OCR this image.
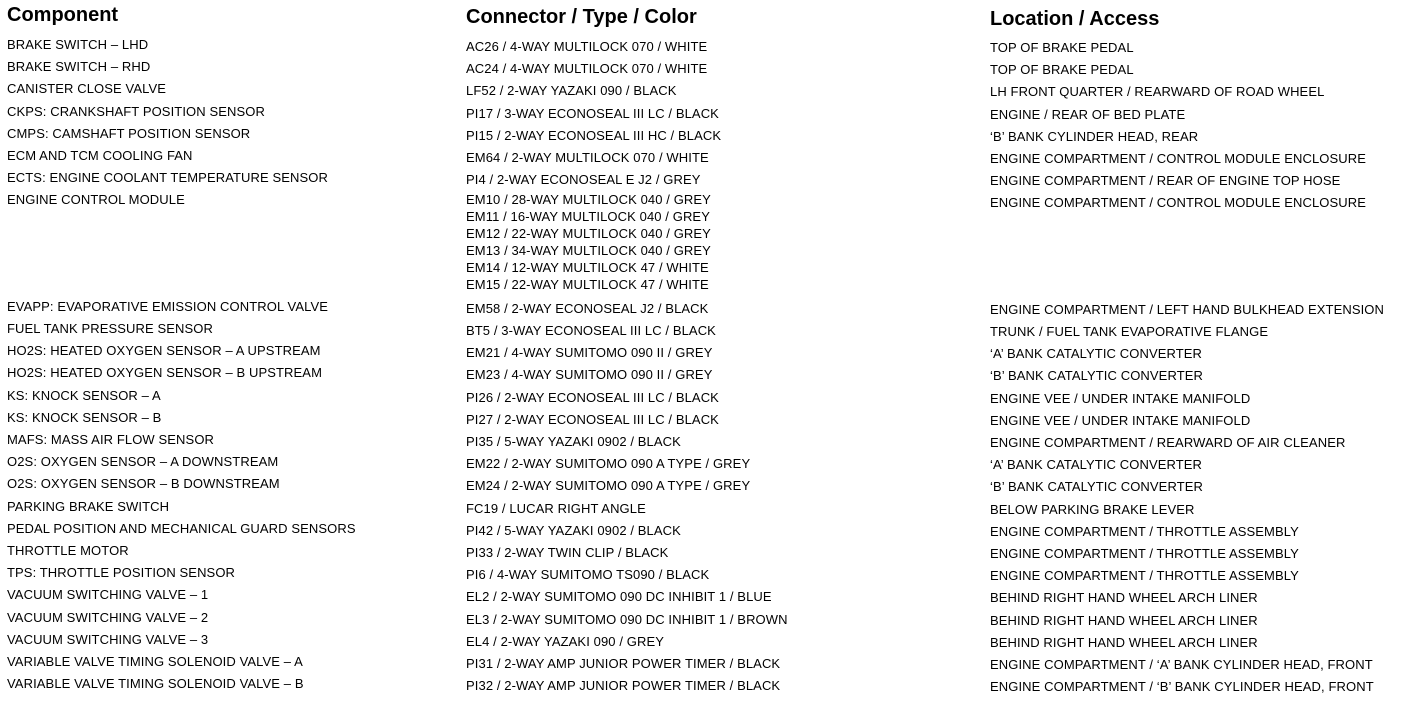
Component
BRAKE SWITCH – LHD
BRAKE SWITCH – RHD
CANISTER CLOSE VALVE
CKPS: CRANKSHAFT POSITION SENSOR
CMPS: CAMSHAFT POSITION SENSOR
ECM AND TCM COOLING FAN
ECTS: ENGINE COOLANT TEMPERATURE SENSOR
ENGINE CONTROL MODULE
EVAPP: EVAPORATIVE EMISSION CONTROL VALVE
FUEL TANK PRESSURE SENSOR
HO2S: HEATED OXYGEN SENSOR – A UPSTREAM
HO2S: HEATED OXYGEN SENSOR – B UPSTREAM
KS: KNOCK SENSOR – A
KS: KNOCK SENSOR – B
MAFS: MASS AIR FLOW SENSOR
O2S: OXYGEN SENSOR – A DOWNSTREAM
O2S: OXYGEN SENSOR – B DOWNSTREAM
PARKING BRAKE SWITCH
PEDAL POSITION AND MECHANICAL GUARD SENSORS
THROTTLE MOTOR
TPS: THROTTLE POSITION SENSOR
VACUUM SWITCHING VALVE – 1
VACUUM SWITCHING VALVE – 2
VACUUM SWITCHING VALVE – 3
VARIABLE VALVE TIMING SOLENOID VALVE – A
VARIABLE VALVE TIMING SOLENOID VALVE – B
Connector / Type / Color
AC26 / 4-WAY MULTILOCK 070 / WHITE
AC24 / 4-WAY MULTILOCK 070 / WHITE
LF52 / 2-WAY YAZAKI 090 / BLACK
PI17 / 3-WAY ECONOSEAL III LC / BLACK
PI15 / 2-WAY ECONOSEAL III HC / BLACK
EM64 / 2-WAY MULTILOCK 070 / WHITE
PI4 / 2-WAY ECONOSEAL E J2 / GREY
EM10 / 28-WAY MULTILOCK 040 / GREY
EM11 / 16-WAY MULTILOCK 040 / GREY
EM12 / 22-WAY MULTILOCK 040 / GREY
EM13 / 34-WAY MULTILOCK 040 / GREY
EM14 / 12-WAY MULTILOCK 47 / WHITE
EM15 / 22-WAY MULTILOCK 47 / WHITE
EM58 / 2-WAY ECONOSEAL J2 / BLACK
BT5 / 3-WAY ECONOSEAL III LC / BLACK
EM21 / 4-WAY SUMITOMO 090 II / GREY
EM23 / 4-WAY SUMITOMO 090 II / GREY
PI26 / 2-WAY ECONOSEAL III LC / BLACK
PI27 / 2-WAY ECONOSEAL III LC / BLACK
PI35 / 5-WAY YAZAKI 0902 / BLACK
EM22 / 2-WAY SUMITOMO 090 A TYPE / GREY
EM24 / 2-WAY SUMITOMO 090 A TYPE / GREY
FC19 / LUCAR RIGHT ANGLE
PI42 / 5-WAY YAZAKI 0902 / BLACK
PI33 / 2-WAY TWIN CLIP / BLACK
PI6 / 4-WAY SUMITOMO TS090 / BLACK
EL2 / 2-WAY SUMITOMO 090 DC INHIBIT 1 / BLUE
EL3 / 2-WAY SUMITOMO 090 DC INHIBIT 1 / BROWN
EL4 / 2-WAY YAZAKI 090 / GREY
PI31 / 2-WAY AMP JUNIOR POWER TIMER / BLACK
PI32 / 2-WAY AMP JUNIOR POWER TIMER / BLACK
Location / Access
TOP OF BRAKE PEDAL
TOP OF BRAKE PEDAL
LH FRONT QUARTER / REARWARD OF ROAD WHEEL
ENGINE / REAR OF BED PLATE
‘B’ BANK CYLINDER HEAD, REAR
ENGINE COMPARTMENT / CONTROL MODULE ENCLOSURE
ENGINE COMPARTMENT / REAR OF ENGINE TOP HOSE
ENGINE COMPARTMENT / CONTROL MODULE ENCLOSURE
ENGINE COMPARTMENT / LEFT HAND BULKHEAD EXTENSION
TRUNK / FUEL TANK EVAPORATIVE FLANGE
‘A’ BANK CATALYTIC CONVERTER
‘B’ BANK CATALYTIC CONVERTER
ENGINE VEE / UNDER INTAKE MANIFOLD
ENGINE VEE / UNDER INTAKE MANIFOLD
ENGINE COMPARTMENT / REARWARD OF AIR CLEANER
‘A’ BANK CATALYTIC CONVERTER
‘B’ BANK CATALYTIC CONVERTER
BELOW PARKING BRAKE LEVER
ENGINE COMPARTMENT / THROTTLE ASSEMBLY
ENGINE COMPARTMENT / THROTTLE ASSEMBLY
ENGINE COMPARTMENT / THROTTLE ASSEMBLY
BEHIND RIGHT HAND WHEEL ARCH LINER
BEHIND RIGHT HAND WHEEL ARCH LINER
BEHIND RIGHT HAND WHEEL ARCH LINER
ENGINE COMPARTMENT / ‘A’ BANK CYLINDER HEAD, FRONT
ENGINE COMPARTMENT / ‘B’ BANK CYLINDER HEAD, FRONT
